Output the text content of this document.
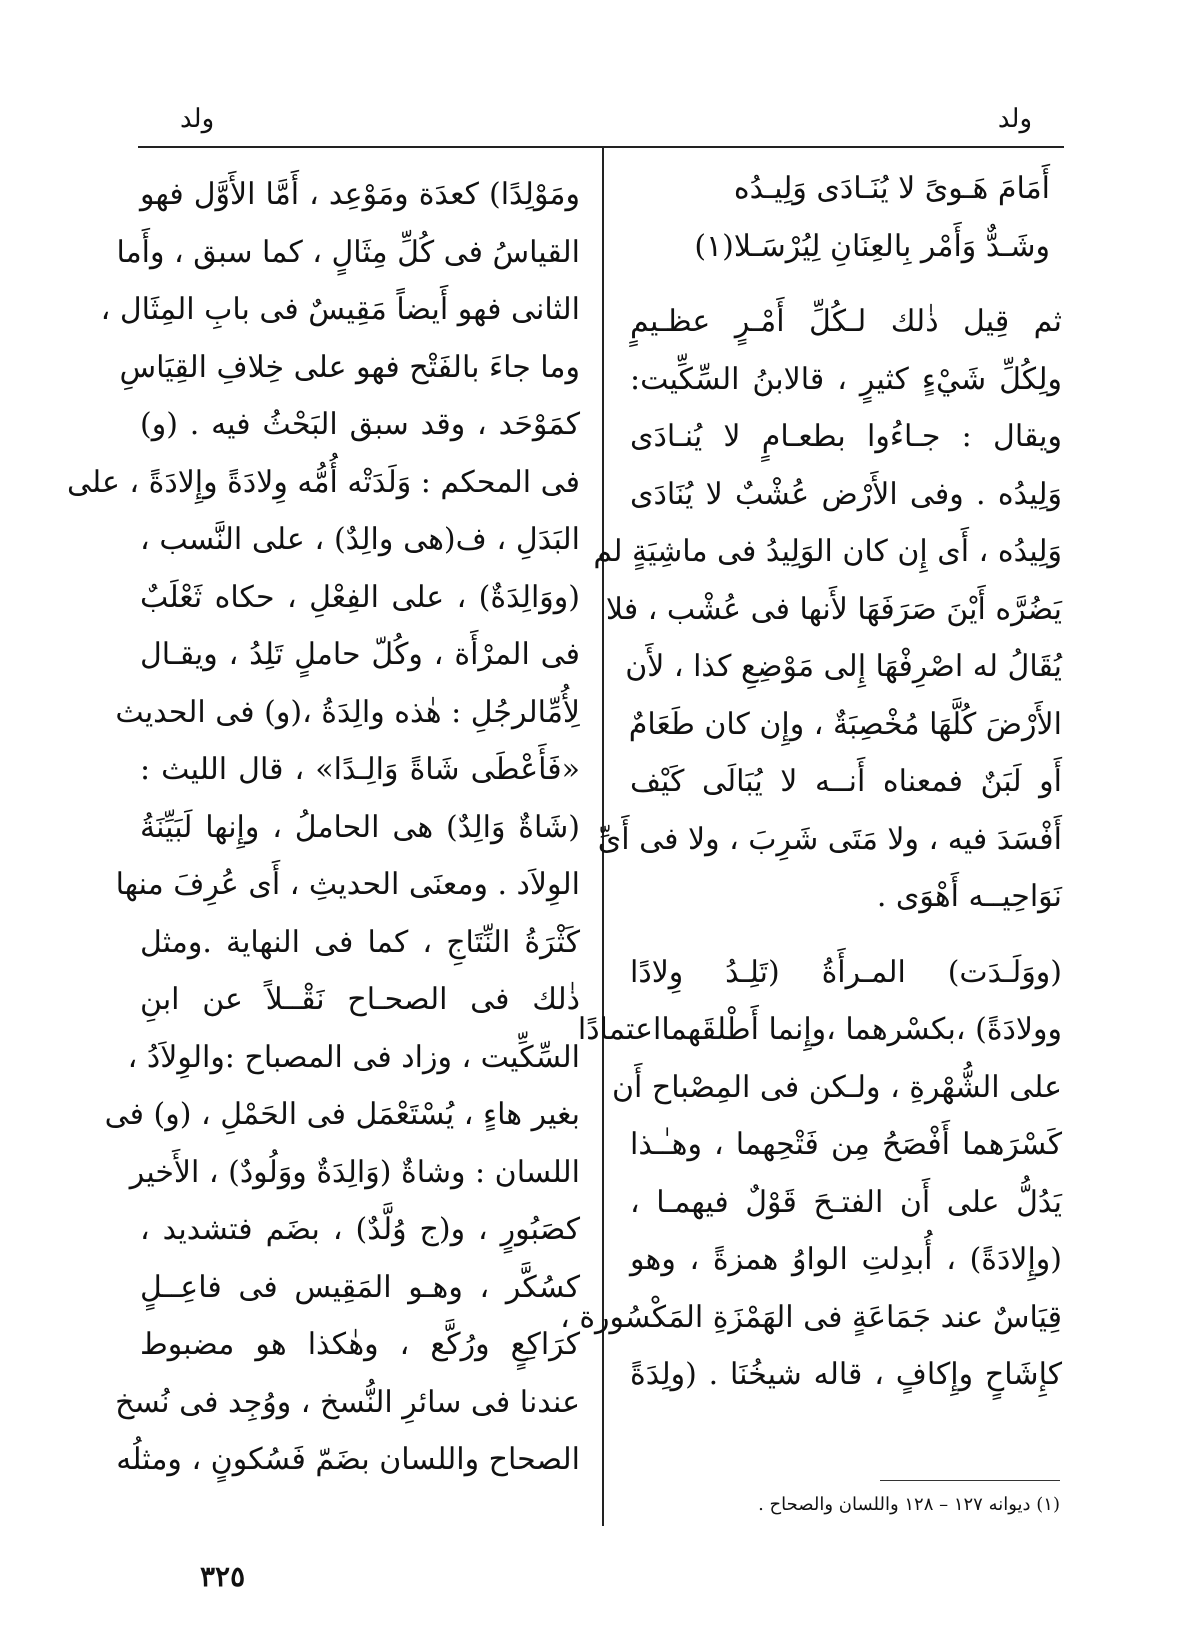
ولد
ولد
أَمَامَ هَـوىً لا يُنَـادَى وَلِيـدُه
وشَـدٌّ وَأَمْر بِالعِنَانِ لِيُرْسَـلا(١)
ثم قِيل ذٰلك لـكُلِّ أَمْـرٍ عظـيمٍ
ولِكُلِّ شَيْءٍ كثيرٍ ، قالابنُ السِّكِّيت:
ويقال : جـاءُوا بطعـامٍ لا يُنـادَى
وَلِيدُه . وفى الأَرْض عُشْبٌ لا يُنَادَى
وَلِيدُه ، أَى إِن كان الوَلِيدُ فى ماشِيَةٍ لم
يَضُرَّه أَيْنَ صَرَفَهَا لأَنها فى عُشْب ، فلا
يُقَالُ له اصْرِفْهَا إِلى مَوْضِعِ كذا ، لأَن
الأَرْضَ كُلَّهَا مُخْصِبَةٌ ، وإِن كان طَعَامٌ
أَو لَبَنٌ فمعناه أَنــه لا يُبَالَى كَيْف
أَفْسَدَ فيه ، ولا مَتَى شَرِبَ ، ولا فى أَىِّ
نَوَاحِيــه أَهْوَى .
(ووَلَـدَت) المـرأَةُ (تَلِـدُ وِلادًا
وولادَةً) ،بكسْرهما ،وإِنما أَطْلقَهمااعتمادًا
على الشُّهْرةِ ، ولـكن فى المِصْباح أَن
كَسْرَهما أَفْصَحُ مِن فَتْحِهما ، وهـٰـذا
يَدُلُّ على أَن الفتـحَ قَوْلٌ فيهمـا ،
(وإِلادَةً) ، أُبدِلتِ الواوُ همزةً ، وهو
قِيَاسٌ عند جَمَاعَةٍ فى الهَمْزَةِ المَكْسُورة ،
كإِشَاحٍ وإِكافٍ ، قاله شيخُنَا . (ولِدَةً
ومَوْلِدًا) كعدَة ومَوْعِد ، أَمَّا الأَوَّل فهو
القياسُ فى كُلِّ مِثَالٍ ، كما سبق ، وأَما
الثانى فهو أَيضاً مَقِيسٌ فى بابِ المِثَال ،
وما جاءَ بالفَتْح فهو على خِلافِ القِيَاسِ
كمَوْحَد ، وقد سبق البَحْثُ فيه . (و)
فى المحكم : وَلَدَتْه أُمُّه وِلادَةً وإِلادَةً ، على
البَدَلِ ، ف(هى والِدٌ) ، على النَّسب ،
(ووَالِدَةٌ) ، على الفِعْلِ ، حكاه ثَعْلَبٌ
فى المرْأَة ، وكُلّ حاملٍ تَلِدُ ، ويقـال
لِأُمِّالرجُلِ : هٰذه والِدَةُ ،(و) فى الحديث
«فَأَعْطَى شَاةً وَالِـدًا» ، قال الليث :
(شَاةٌ وَالِدٌ) هى الحاملُ ، وإِنها لَبَيِّنَةُ
الوِلاَد . ومعنَى الحديثِ ، أَى عُرِفَ منها
كَثْرَةُ النِّتَاجِ ، كما فى النهاية .ومثل
ذٰلك فى الصحـاح نَقْــلاً عن ابنِ
السِّكِّيت ، وزاد فى المصباح :والوِلاَدُ ،
بغير هاءٍ ، يُسْتَعْمَل فى الحَمْلِ ، (و) فى
اللسان : وشاةٌ (وَالِدَةٌ ووَلُودٌ) ، الأَخير
كصَبُورٍ ، و(ج وُلَّدٌ) ، بضَم فتشديد ،
كسُكَّر ، وهـو المَقِيس فى فاعِــلٍ
كرَاكِعٍ ورُكَّع ، وهٰكذا هو مضبوط
عندنا فى سائرِ النُّسخ ، ووُجِد فى نُسخ
الصحاح واللسان بضَمّ فَسُكونٍ ، ومثلُه
(١) ديوانه ١٢٧ – ١٢٨ واللسان والصحاح .
٣٢٥
